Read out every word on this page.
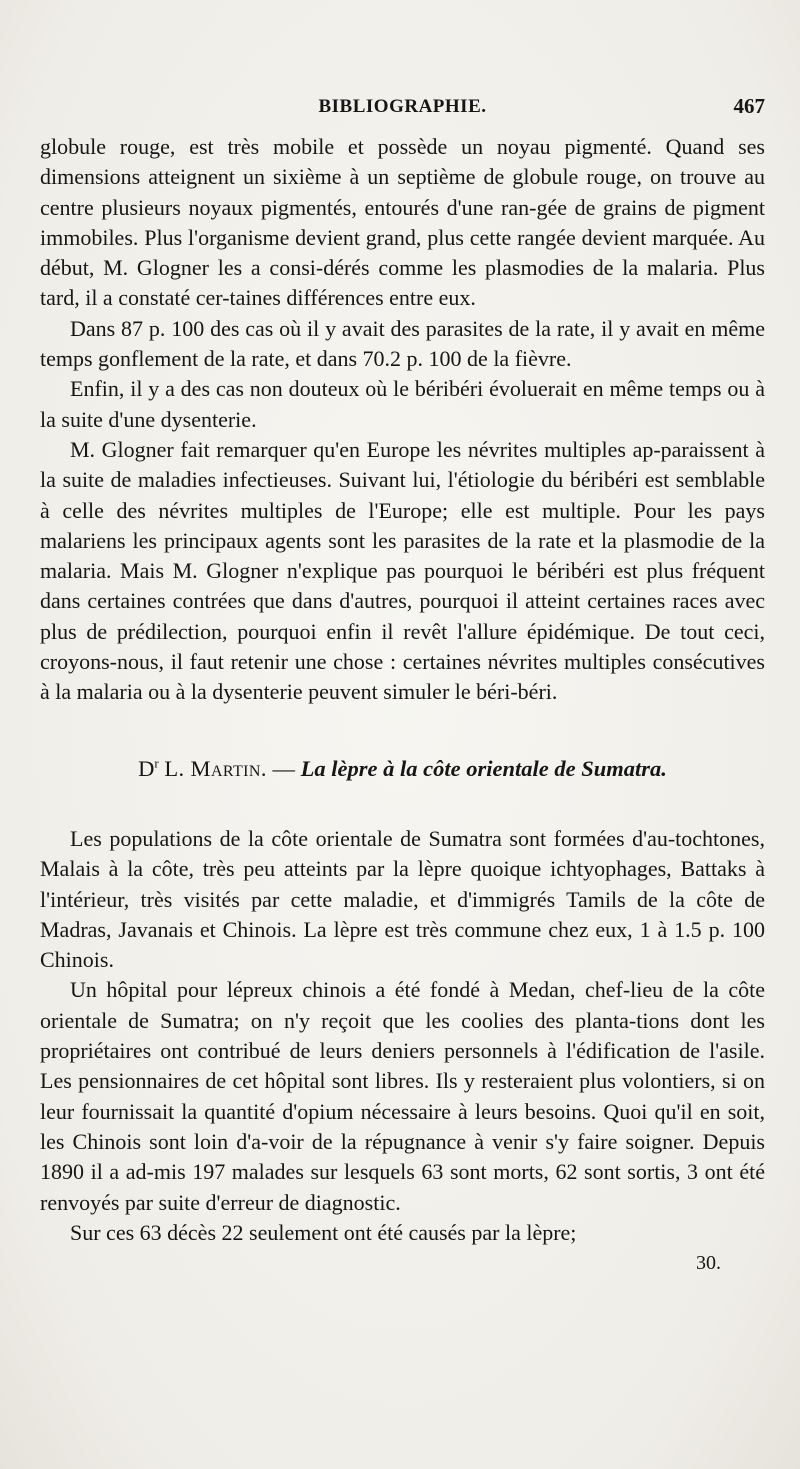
BIBLIOGRAPHIE.	467

globule rouge, est très mobile et possède un noyau pigmenté. Quand ses dimensions atteignent un sixième à un septième de globule rouge, on trouve au centre plusieurs noyaux pigmentés, entourés d'une ran-gée de grains de pigment immobiles. Plus l'organisme devient grand, plus cette rangée devient marquée. Au début, M. Glogner les a consi-dérés comme les plasmodies de la malaria. Plus tard, il a constaté cer-taines différences entre eux.

Dans 87 p. 100 des cas où il y avait des parasites de la rate, il y avait en même temps gonflement de la rate, et dans 70.2 p. 100 de la fièvre.

Enfin, il y a des cas non douteux où le béribéri évoluerait en même temps ou à la suite d'une dysenterie.

M. Glogner fait remarquer qu'en Europe les névrites multiples ap-paraissent à la suite de maladies infectieuses. Suivant lui, l'étiologie du béribéri est semblable à celle des névrites multiples de l'Europe; elle est multiple. Pour les pays malariens les principaux agents sont les parasites de la rate et la plasmodie de la malaria. Mais M. Glogner n'explique pas pourquoi le béribéri est plus fréquent dans certaines contrées que dans d'autres, pourquoi il atteint certaines races avec plus de prédilection, pourquoi enfin il revêt l'allure épidémique. De tout ceci, croyons-nous, il faut retenir une chose : certaines névrites multiples consécutives à la malaria ou à la dysenterie peuvent simuler le béri-béri.

$D^r$ L. Martin. — La lèpre à la côte orientale de Sumatra.

Les populations de la côte orientale de Sumatra sont formées d'au-tochtones, Malais à la côte, très peu atteints par la lèpre quoique ichtyophages, Battaks à l'intérieur, très visités par cette maladie, et d'immigrés Tamils de la côte de Madras, Javanais et Chinois. La lèpre est très commune chez eux, 1 à 1.5 p. 100 Chinois.

Un hôpital pour lépreux chinois a été fondé à Medan, chef-lieu de la côte orientale de Sumatra; on n'y reçoit que les coolies des planta-tions dont les propriétaires ont contribué de leurs deniers personnels à l'édification de l'asile. Les pensionnaires de cet hôpital sont libres. Ils y resteraient plus volontiers, si on leur fournissait la quantité d'opium nécessaire à leurs besoins. Quoi qu'il en soit, les Chinois sont loin d'a-voir de la répugnance à venir s'y faire soigner. Depuis 1890 il a ad-mis 197 malades sur lesquels 63 sont morts, 62 sont sortis, 3 ont été renvoyés par suite d'erreur de diagnostic.

Sur ces 63 décès 22 seulement ont été causés par la lèpre;

30.
